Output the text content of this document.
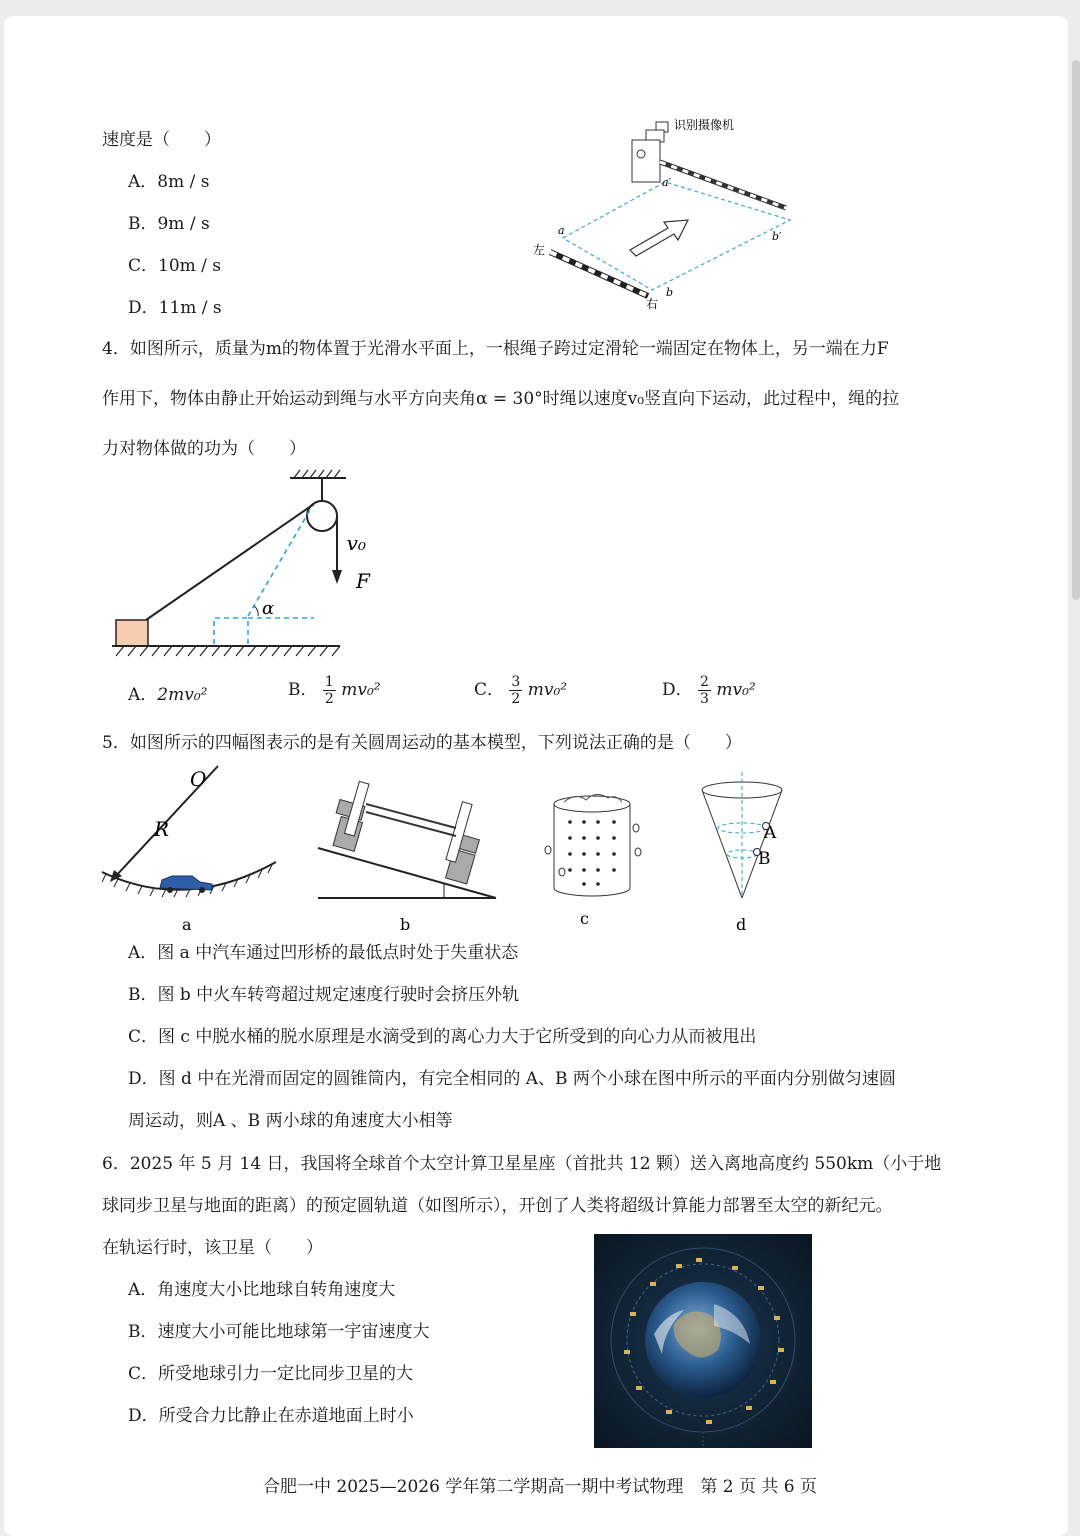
速度是（　　）
A．8m / s
B．9m / s
C．10m / s
D．11m / s
a
a′
b
b′
左
右
识别摄像机
4．如图所示，质量为m的物体置于光滑水平面上，一根绳子跨过定滑轮一端固定在物体上，另一端在力F
作用下，物体由静止开始运动到绳与水平方向夹角α = 30°时绳以速度v₀竖直向下运动，此过程中，绳的拉
力对物体做的功为（　　）
v₀
F
α
A．2mv₀²	B． $\frac{1}{2} mv_0^2$	C． $\frac{3}{2} mv_0^2$	D． $\frac{2}{3} mv_0^2$
5．如图所示的四幅图表示的是有关圆周运动的基本模型，下列说法正确的是（　　）
O
R
a	b	c
A
B
d
A．图 a 中汽车通过凹形桥的最低点时处于失重状态
B．图 b 中火车转弯超过规定速度行驶时会挤压外轨
C．图 c 中脱水桶的脱水原理是水滴受到的离心力大于它所受到的向心力从而被甩出
D．图 d 中在光滑而固定的圆锥筒内，有完全相同的 A、B 两个小球在图中所示的平面内分别做匀速圆
周运动，则A 、B 两小球的角速度大小相等
6．2025 年 5 月 14 日，我国将全球首个太空计算卫星星座（首批共 12 颗）送入离地高度约 550km（小于地
球同步卫星与地面的距离）的预定圆轨道（如图所示），开创了人类将超级计算能力部署至太空的新纪元。
在轨运行时，该卫星（　　）
A．角速度大小比地球自转角速度大
B．速度大小可能比地球第一宇宙速度大
C．所受地球引力一定比同步卫星的大
D．所受合力比静止在赤道地面上时小
合肥一中 2025—2026 学年第二学期高一期中考试物理　第 2 页 共 6 页
